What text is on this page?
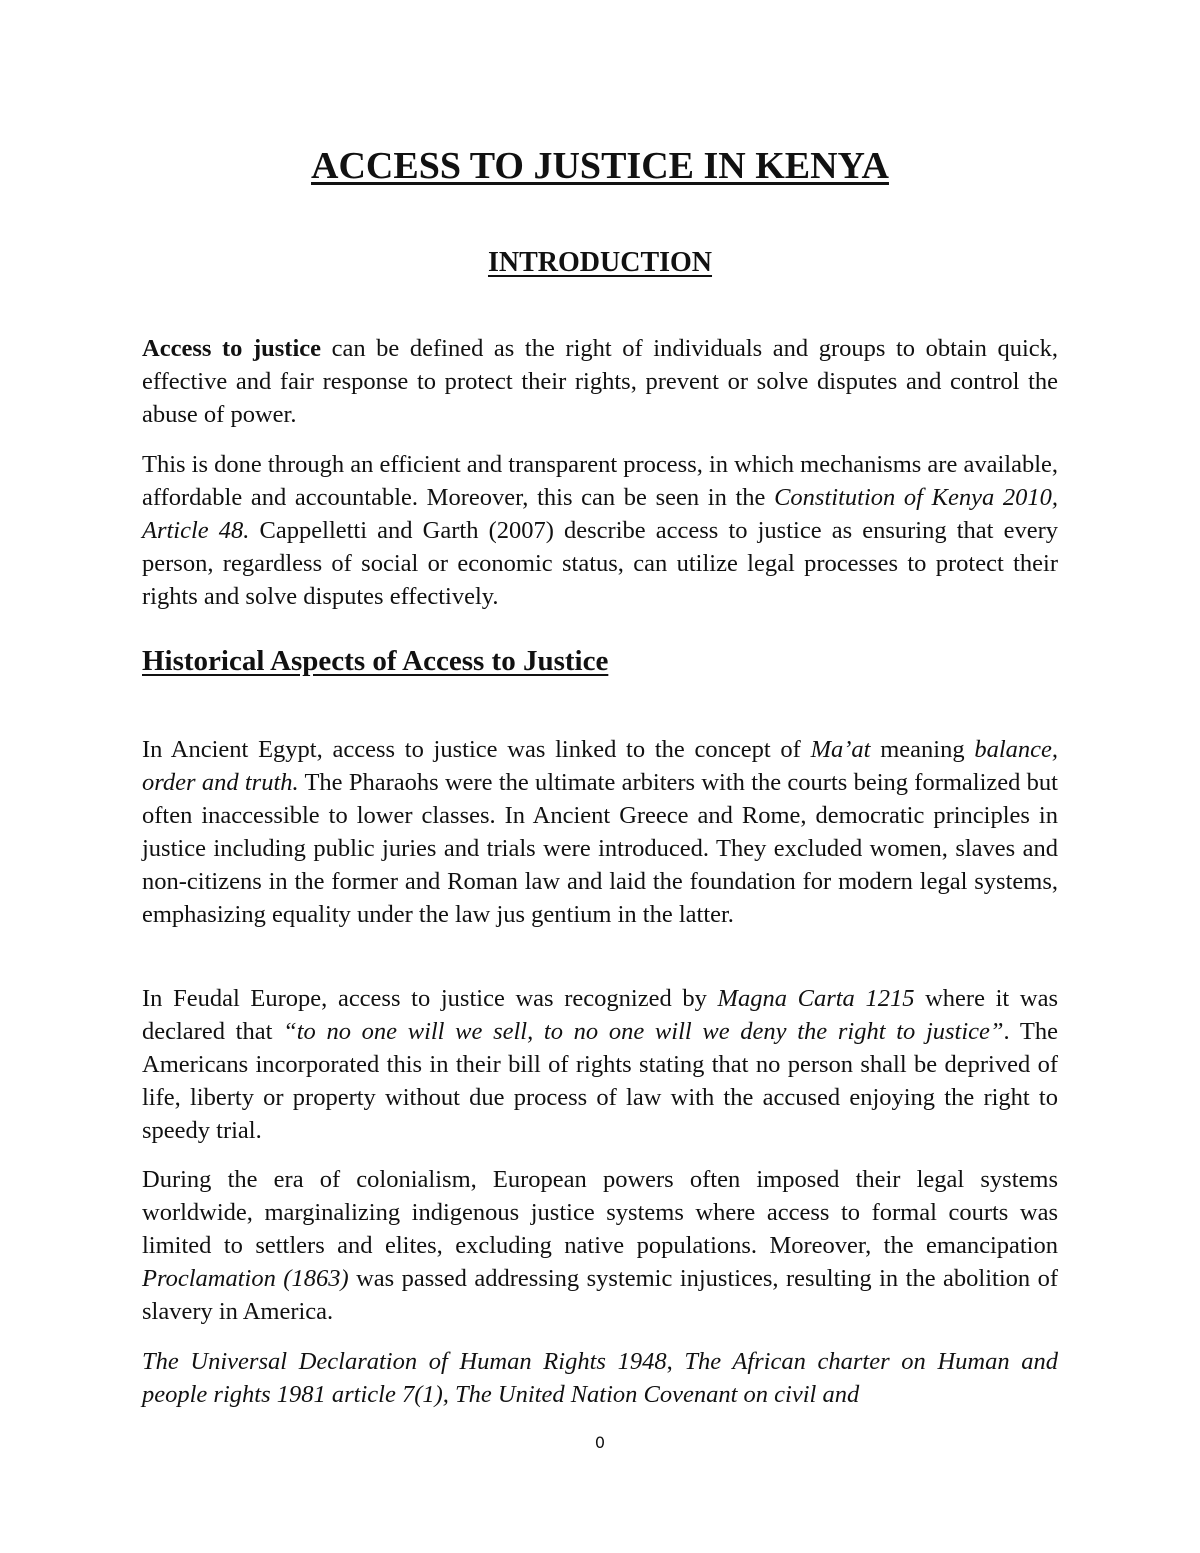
ACCESS TO JUSTICE IN KENYA
INTRODUCTION

Access to justice can be defined as the right of individuals and groups to obtain quick, effective and fair response to protect their rights, prevent or solve disputes and control the abuse of power.

This is done through an efficient and transparent process, in which mechanisms are available, affordable and accountable. Moreover, this can be seen in the Constitution of Kenya 2010, Article 48. Cappelletti and Garth (2007) describe access to justice as ensuring that every person, regardless of social or economic status, can utilize legal processes to protect their rights and solve disputes effectively.

Historical Aspects of Access to Justice

In Ancient Egypt, access to justice was linked to the concept of Ma’at meaning balance, order and truth. The Pharaohs were the ultimate arbiters with the courts being formalized but often inaccessible to lower classes. In Ancient Greece and Rome, democratic principles in justice including public juries and trials were introduced. They excluded women, slaves and non-citizens in the former and Roman law and laid the foundation for modern legal systems, emphasizing equality under the law jus gentium in the latter.

In Feudal Europe, access to justice was recognized by Magna Carta 1215 where it was declared that “to no one will we sell, to no one will we deny the right to justice”. The Americans incorporated this in their bill of rights stating that no person shall be deprived of life, liberty or property without due process of law with the accused enjoying the right to speedy trial.

During the era of colonialism, European powers often imposed their legal systems worldwide, marginalizing indigenous justice systems where access to formal courts was limited to settlers and elites, excluding native populations. Moreover, the emancipation Proclamation (1863) was passed addressing systemic injustices, resulting in the abolition of slavery in America.

The Universal Declaration of Human Rights 1948, The African charter on Human and people rights 1981 article 7(1), The United Nation Covenant on civil and

0
